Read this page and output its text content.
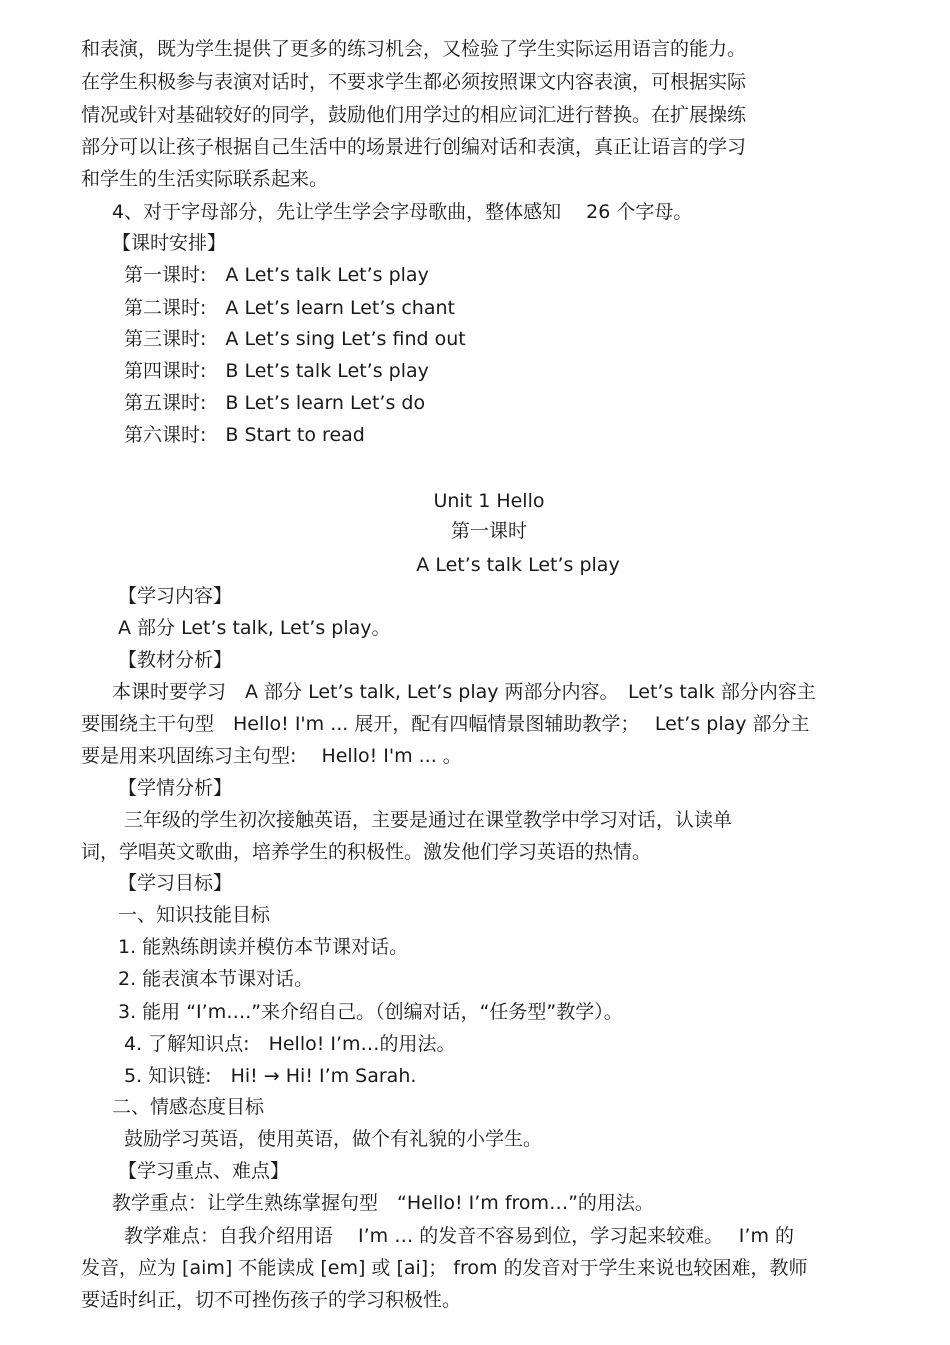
和表演，既为学生提供了更多的练习机会，又检验了学生实际运用语言的能力。
在学生积极参与表演对话时，不要求学生都必须按照课文内容表演，可根据实际
情况或针对基础较好的同学，鼓励他们用学过的相应词汇进行替换。在扩展操练
部分可以让孩子根据自己生活中的场景进行创编对话和表演，真正让语言的学习
和学生的生活实际联系起来。
4、对于字母部分，先让学生学会字母歌曲，整体感知　 26 个字母。
【课时安排】
第一课时:　A Let’s talk Let’s play
第二课时:　A Let’s learn Let’s chant
第三课时:　A Let’s sing Let’s find out
第四课时:　B Let’s talk Let’s play
第五课时:　B Let’s learn Let’s do
第六课时:　B Start to read
Unit 1 Hello
第一课时
A Let’s talk Let’s play
【学习内容】
A 部分 Let’s talk, Let’s play。
【教材分析】
本课时要学习　A 部分 Let’s talk, Let’s play 两部分内容。　Let’s talk 部分内容主
要围绕主干句型　Hello! I'm ... 展开，配有四幅情景图辅助教学；　 Let’s play 部分主
要是用来巩固练习主句型:　 Hello! I'm ... 。
【学情分析】
三年级的学生初次接触英语，主要是通过在课堂教学中学习对话，认读单
词，学唱英文歌曲，培养学生的积极性。激发他们学习英语的热情。
【学习目标】
一、知识技能目标
1. 能熟练朗读并模仿本节课对话。
2. 能表演本节课对话。
3. 能用 “I’m….”来介绍自己。（创编对话，“任务型”教学）。
4. 了解知识点:　Hello! I’m…的用法。
5. 知识链:　Hi! → Hi! I’m Sarah.
二、情感态度目标
鼓励学习英语，使用英语，做个有礼貌的小学生。
【学习重点、难点】
教学重点：让学生熟练掌握句型　“Hello! I’m from…”的用法。
教学难点：自我介绍用语　 I’m … 的发音不容易到位，学习起来较难。　 I’m 的
发音，应为 [aim] 不能读成 [em] 或 [ai]； from 的发音对于学生来说也较困难，教师
要适时纠正，切不可挫伤孩子的学习积极性。
